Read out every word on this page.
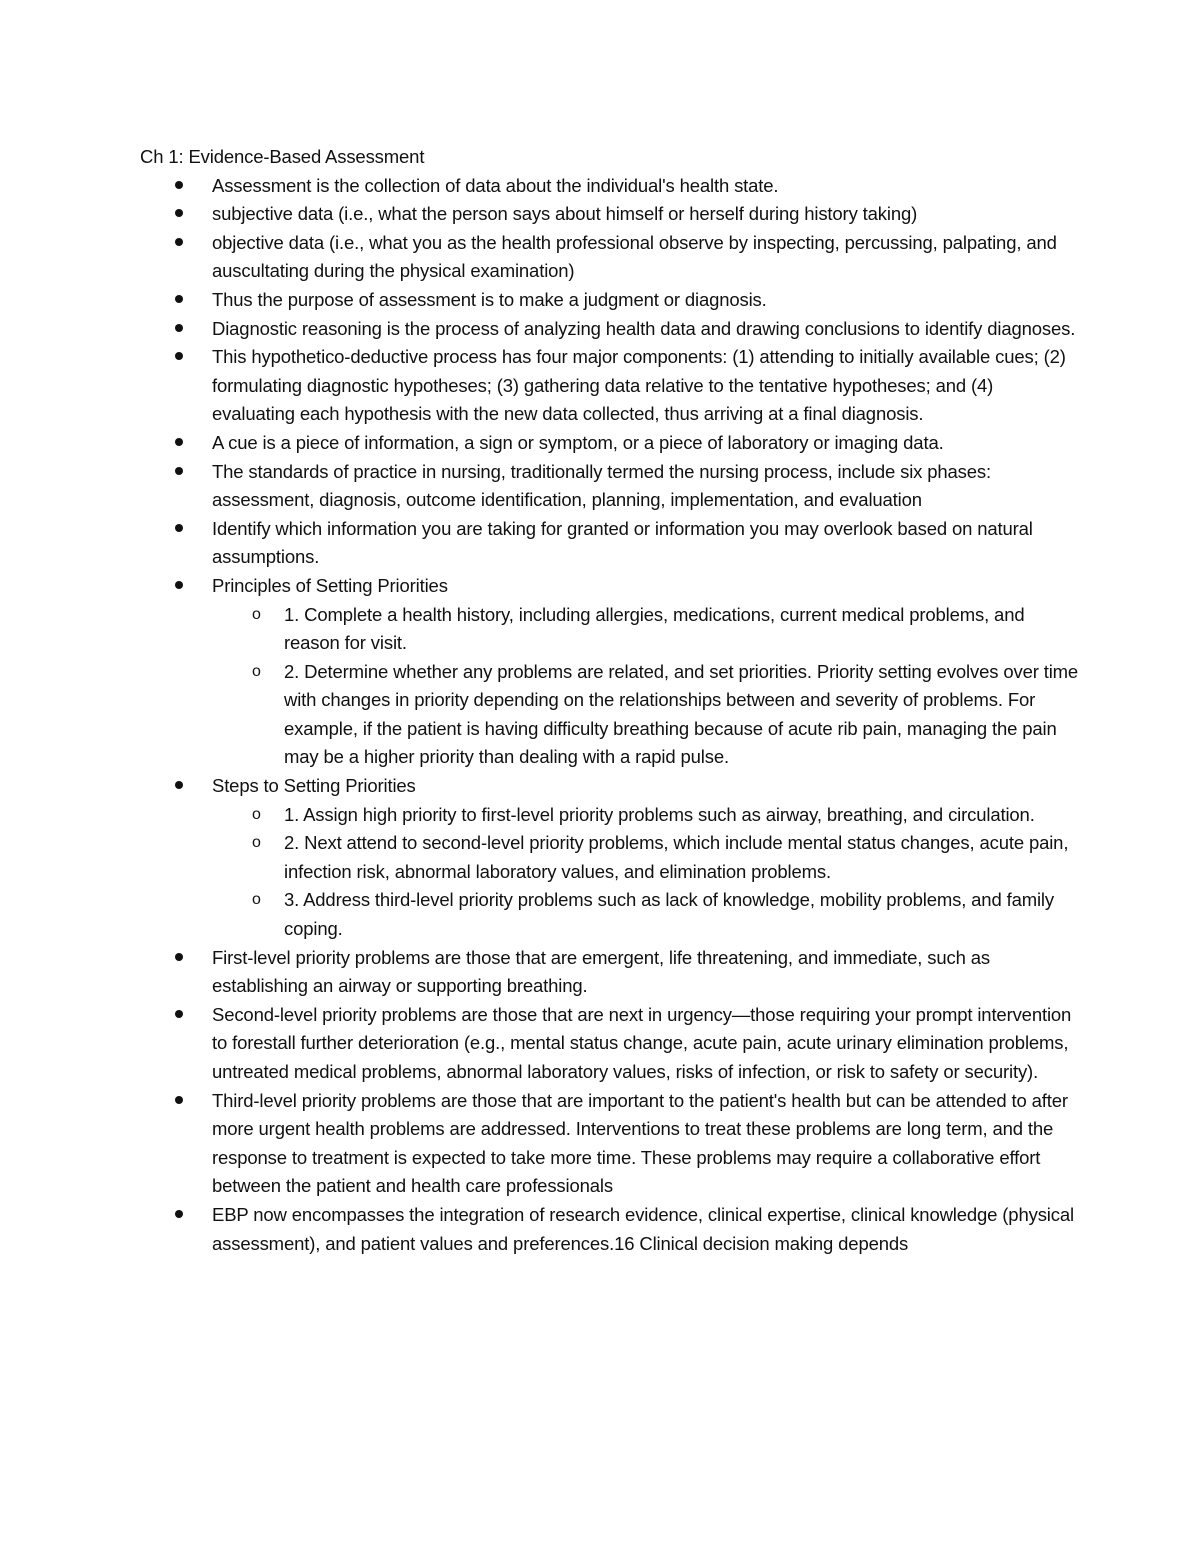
Ch 1: Evidence-Based Assessment

Assessment is the collection of data about the individual's health state.
subjective data (i.e., what the person says about himself or herself during history taking)
objective data (i.e., what you as the health professional observe by inspecting, percussing, palpating, and auscultating during the physical examination)
Thus the purpose of assessment is to make a judgment or diagnosis.
Diagnostic reasoning is the process of analyzing health data and drawing conclusions to identify diagnoses.
This hypothetico-deductive process has four major components: (1) attending to initially available cues; (2) formulating diagnostic hypotheses; (3) gathering data relative to the tentative hypotheses; and (4) evaluating each hypothesis with the new data collected, thus arriving at a final diagnosis.
A cue is a piece of information, a sign or symptom, or a piece of laboratory or imaging data.
The standards of practice in nursing, traditionally termed the nursing process, include six phases: assessment, diagnosis, outcome identification, planning, implementation, and evaluation
Identify which information you are taking for granted or information you may overlook based on natural assumptions.
Principles of Setting Priorities
o 1. Complete a health history, including allergies, medications, current medical problems, and reason for visit.
o 2. Determine whether any problems are related, and set priorities. Priority setting evolves over time with changes in priority depending on the relationships between and severity of problems. For example, if the patient is having difficulty breathing because of acute rib pain, managing the pain may be a higher priority than dealing with a rapid pulse.
Steps to Setting Priorities
o 1. Assign high priority to first-level priority problems such as airway, breathing, and circulation.
o 2. Next attend to second-level priority problems, which include mental status changes, acute pain, infection risk, abnormal laboratory values, and elimination problems.
o 3. Address third-level priority problems such as lack of knowledge, mobility problems, and family coping.
First-level priority problems are those that are emergent, life threatening, and immediate, such as establishing an airway or supporting breathing.
Second-level priority problems are those that are next in urgency—those requiring your prompt intervention to forestall further deterioration (e.g., mental status change, acute pain, acute urinary elimination problems, untreated medical problems, abnormal laboratory values, risks of infection, or risk to safety or security).
Third-level priority problems are those that are important to the patient's health but can be attended to after more urgent health problems are addressed. Interventions to treat these problems are long term, and the response to treatment is expected to take more time. These problems may require a collaborative effort between the patient and health care professionals
EBP now encompasses the integration of research evidence, clinical expertise, clinical knowledge (physical assessment), and patient values and preferences.16 Clinical decision making depends
